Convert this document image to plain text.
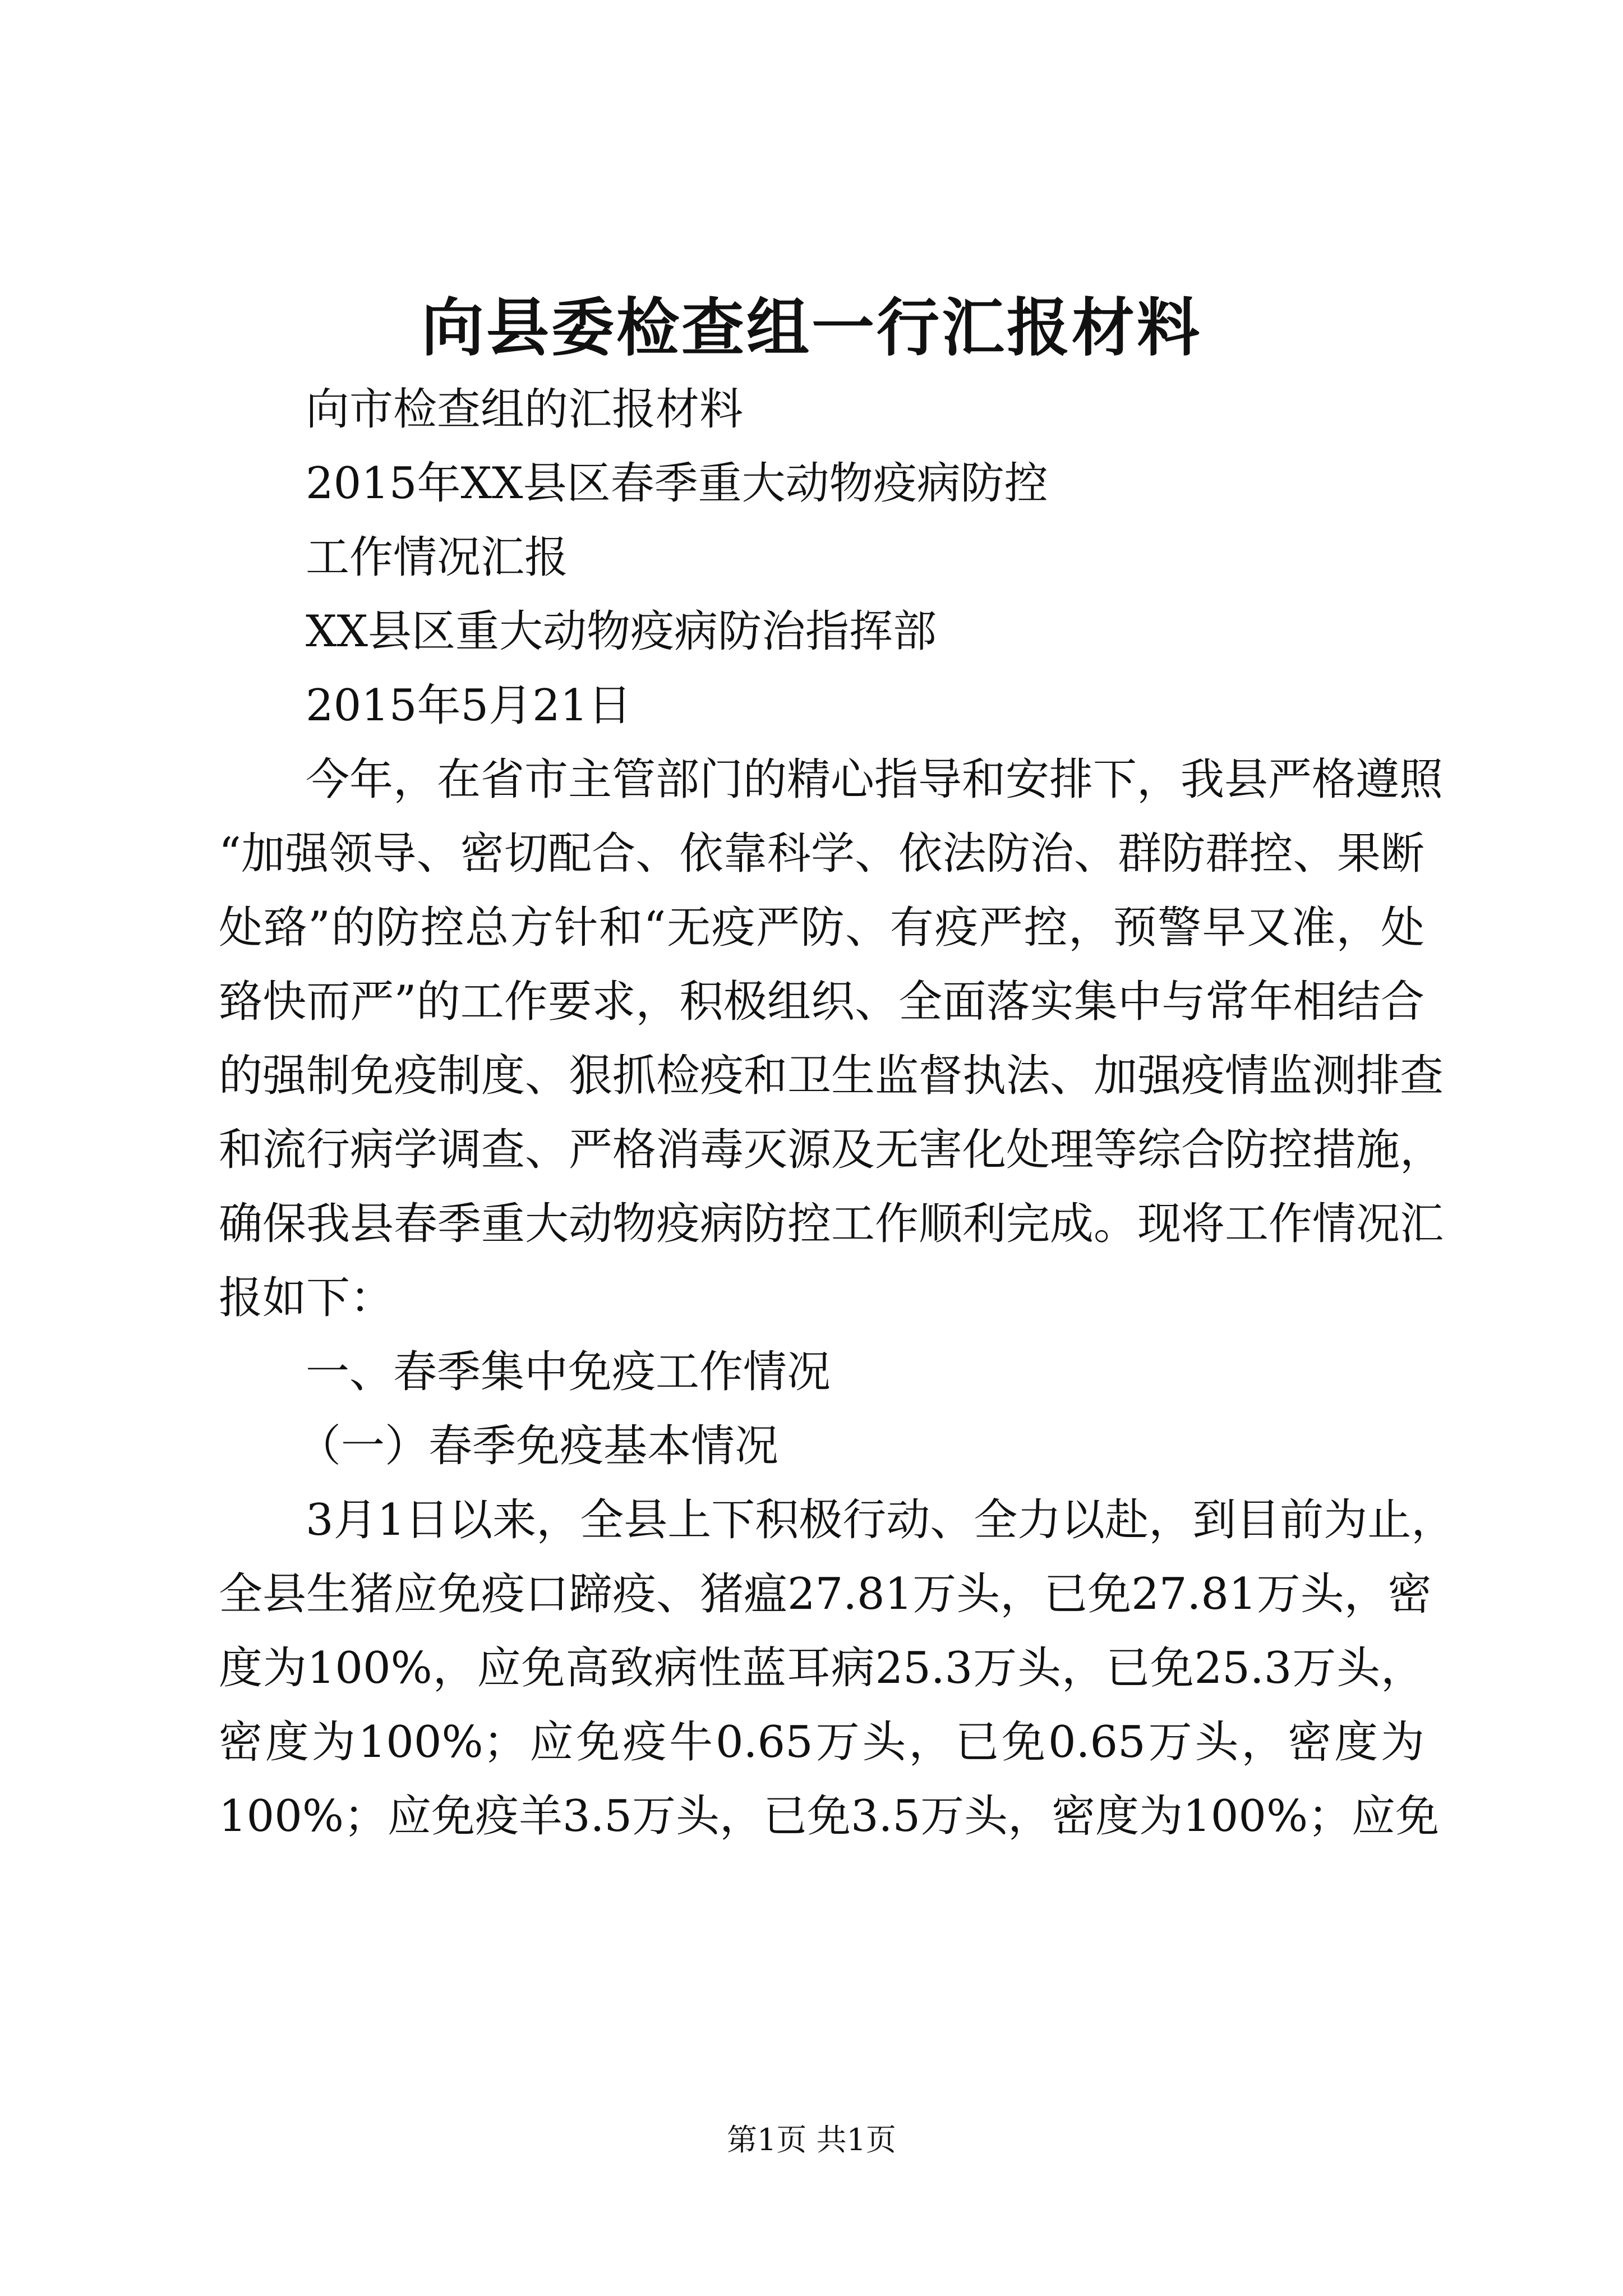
向县委检查组一行汇报材料
向市检查组的汇报材料
2015年XX县区春季重大动物疫病防控
工作情况汇报
XX县区重大动物疫病防治指挥部
2015年5月21日
今年，在省市主管部门的精心指导和安排下，我县严格遵照
“加强领导、密切配合、依靠科学、依法防治、群防群控、果断
处臵”的防控总方针和“无疫严防、有疫严控，预警早又准，处
臵快而严”的工作要求，积极组织、全面落实集中与常年相结合
的强制免疫制度、狠抓检疫和卫生监督执法、加强疫情监测排查
和流行病学调查、严格消毒灭源及无害化处理等综合防控措施，
确保我县春季重大动物疫病防控工作顺利完成。现将工作情况汇
报如下：
一、春季集中免疫工作情况
（一）春季免疫基本情况
3月1日以来，全县上下积极行动、全力以赴，到目前为止，
全县生猪应免疫口蹄疫、猪瘟27.81万头，已免27.81万头，密
度为100%，应免高致病性蓝耳病25.3万头，已免25.3万头，
密度为100%；应免疫牛0.65万头，已免0.65万头，密度为
100%；应免疫羊3.5万头，已免3.5万头，密度为100%；应免
第1页 共1页
